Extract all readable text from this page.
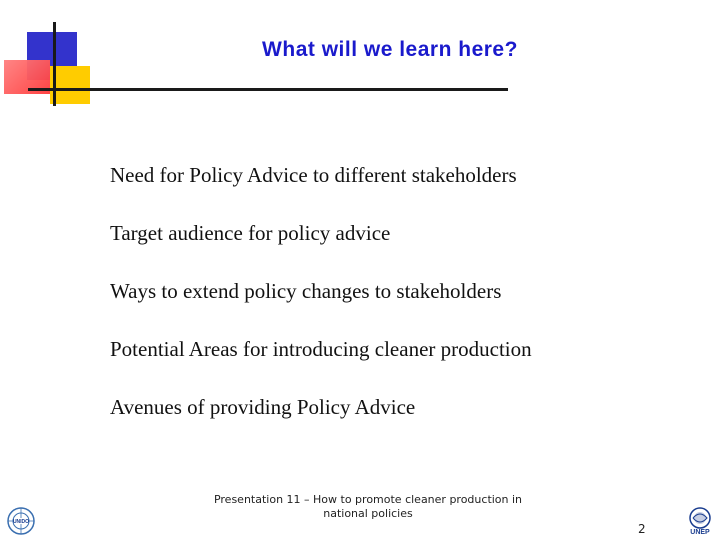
What will we learn here?
Need for Policy Advice to different stakeholders
Target audience for policy advice
Ways to extend policy changes to stakeholders
Potential Areas for introducing cleaner production
Avenues of providing Policy Advice
Presentation 11 – How to promote cleaner production in
national policies
2
UNIDO
UNEP
